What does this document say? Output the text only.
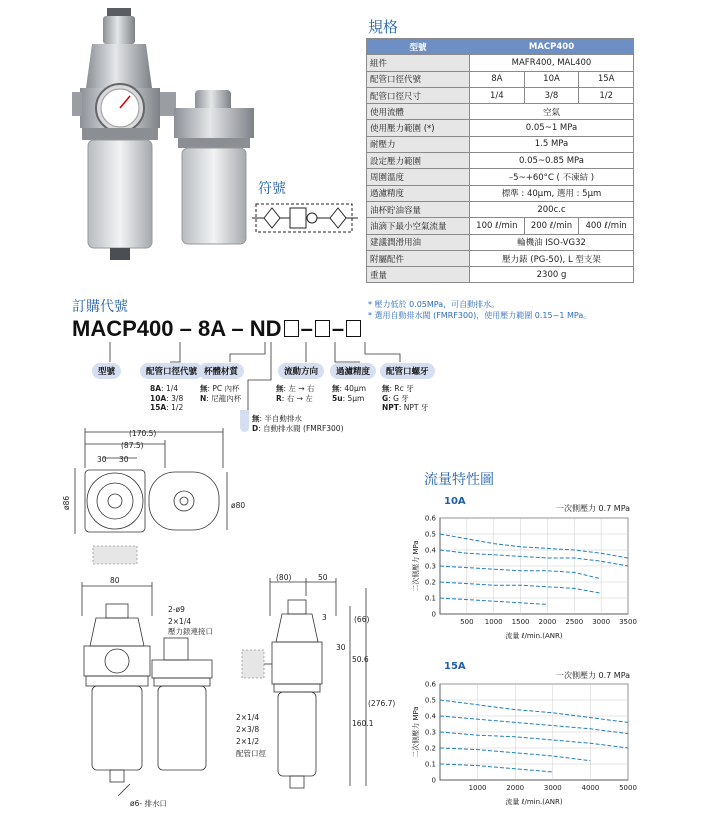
符號
規格
型號	MACP400		
組件	MAFR400, MAL400		
配管口徑代號	8A	10A	15A
配管口徑尺寸	1/4	3/8	1/2
使用流體	空氣		
使用壓力範圍 (*)	0.05~1 MPa		
耐壓力	1.5 MPa		
設定壓力範圍	0.05~0.85 MPa		
周圍溫度	–5~+60°C ( 不凍結 )		
過濾精度	標準 : 40μm, 選用 : 5μm		
油杯貯油容量	200c.c		
油滴下最小空氣流量	100 ℓ/min	200 ℓ/min	400 ℓ/min
建議潤滑用油	輪機油 ISO-VG32		
附屬配件	壓力錶 (PG-50), L 型支架		
重量	2300 g		
* 壓力低於 0.05MPa，可自動排水。
* 選用自動排水閥 (FMRF300)，使用壓力範圍 0.15~1 MPa。
訂購代號
MACP400 – 8A – ND – –
型號	配管口徑代號 杯體材質	流動方向	過濾精度	配管口螺牙
8A: 1/4
10A: 3/8
15A: 1/2
無: PC 內杯
N: 尼龍內杯
無: 左 → 右
R: 右 → 左
無: 40μm
5u: 5μm
無: Rc 牙
G: G 牙
NPT: NPT 牙
無: 半自動排水
D: 自動排水閥 (FMRF300)
(170.5)
(87.5)
30 30
ø86	ø80
80
2-ø9
2×1/4
壓力錶連接口
ø6- 排水口
(80)	50
3	(66)
30
50.6
(276.7)
160.1
2×1/4
2×3/8
2×1/2
配管口徑
流量特性圖
10A
一次側壓力 0.7 MPa
0.1
0.2
0.3
0.4
0.5
0.6
0
500 1000 1500 2000 2500 3000 3500
流量 ℓ/min.(ANR)
二次側壓力 MPa
15A
一次側壓力 0.7 MPa
0.1
0.2
0.3
0.4
0.5
0.6
0
1000	2000	3000	4000	5000
流量 ℓ/min.(ANR)
二次側壓力 MPa
